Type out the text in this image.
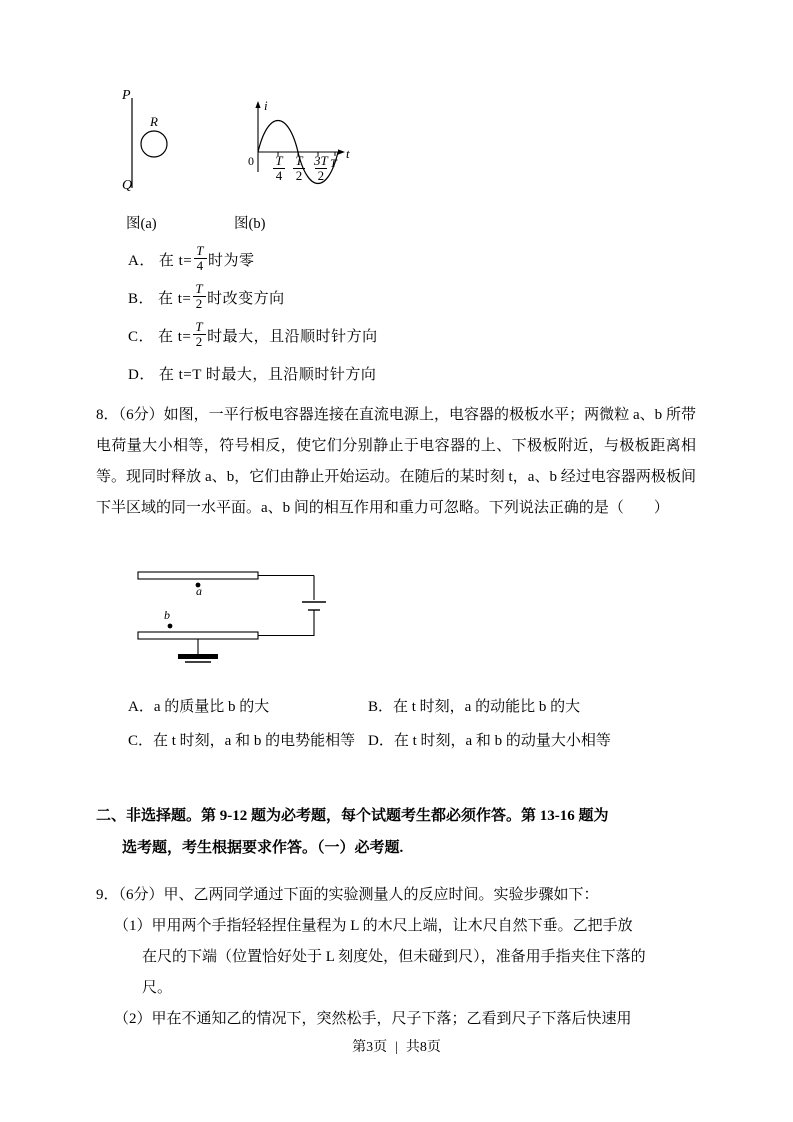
P
Q
R
i
t
$0 \frac{T}{4} \frac{T}{2} \frac{3T}{2}$ T
图(a)	图(b)
A． 在 $t= \frac{T}{4}$ 时为零
B． 在 $t= \frac{T}{2}$ 时改变方向
C． 在 $t= \frac{T}{2}$ 时最大，且沿顺时针方向
D． 在 t=T 时最大，且沿顺时针方向

8．（6分）如图，一平行板电容器连接在直流电源上，电容器的极板水平；两微粒 a、b 所带电荷量大小相等，符号相反，使它们分别静止于电容器的上、下极板附近，与极板距离相等。现同时释放 a、b，它们由静止开始运动。在随后的某时刻 t，a、b 经过电容器两极板间下半区域的同一水平面。a、b 间的相互作用和重力可忽略。下列说法正确的是（　　）

a
b
A．a 的质量比 b 的大	B．在 t 时刻，a 的动能比 b 的大
C．在 t 时刻，a 和 b 的电势能相等 D．在 t 时刻，a 和 b 的动量大小相等
二、非选择题。第 9-12 题为必考题，每个试题考生都必须作答。第 13-16 题为
选考题，考生根据要求作答。（一）必考题.

9．（6分）甲、乙两同学通过下面的实验测量人的反应时间。实验步骤如下：

（1）甲用两个手指轻轻捏住量程为 L 的木尺上端，让木尺自然下垂。乙把手放

在尺的下端（位置恰好处于 L 刻度处，但未碰到尺），准备用手指夹住下落的

尺。

（2）甲在不通知乙的情况下，突然松手，尺子下落；乙看到尺子下落后快速用

第3页 | 共8页
